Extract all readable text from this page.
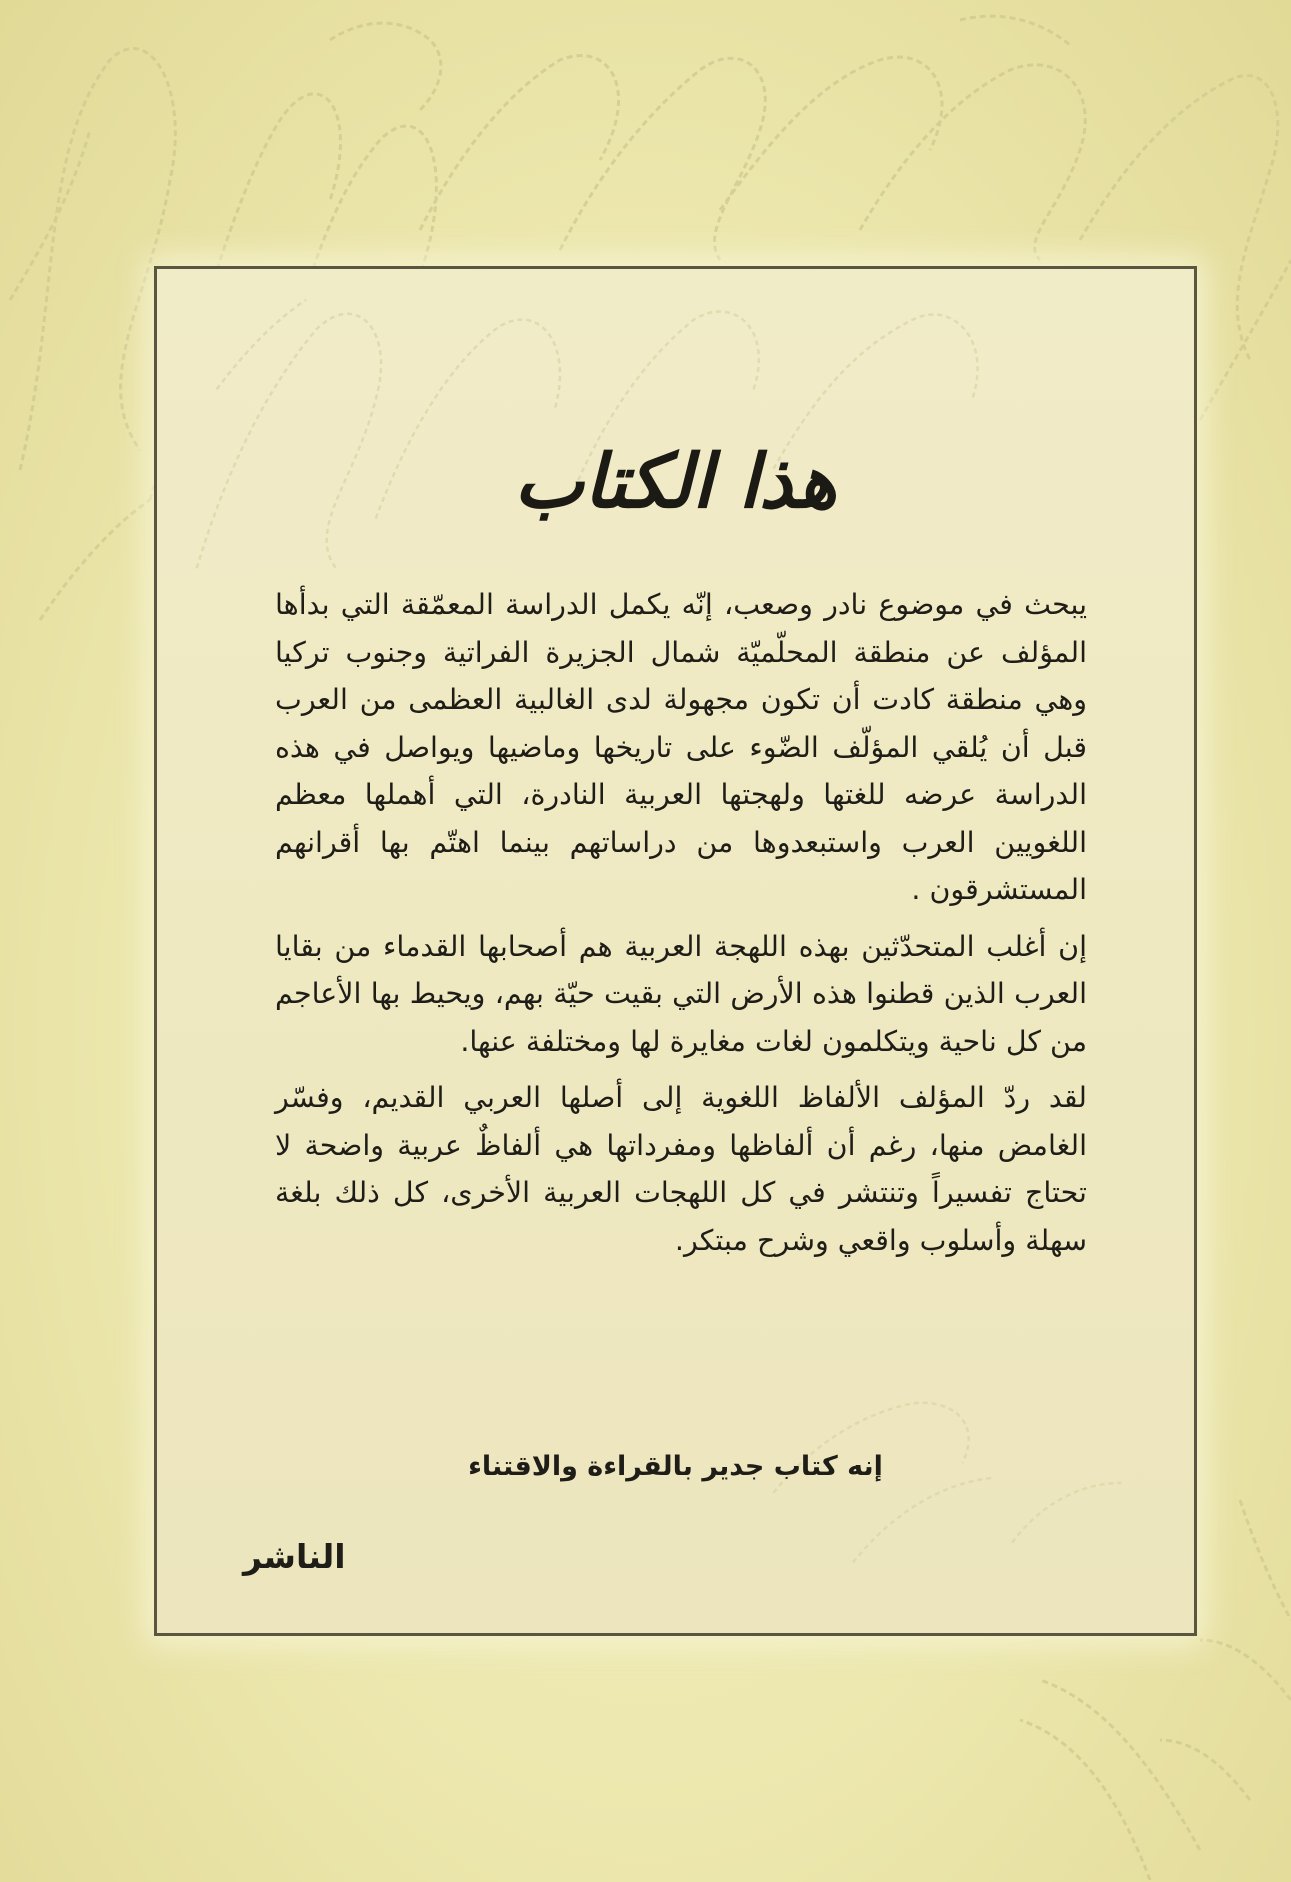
هذا الكتاب

يبحث في موضوع نادر وصعب، إنّه يكمل الدراسة المعمّقة التي بدأها المؤلف عن منطقة المحلّميّة شمال الجزيرة الفراتية وجنوب تركيا وهي منطقة كادت أن تكون مجهولة لدى الغالبية العظمى من العرب قبل أن يُلقي المؤلّف الضّوء على تاريخها وماضيها ويواصل في هذه الدراسة عرضه للغتها ولهجتها العربية النادرة، التي أهملها معظم اللغويين العرب واستبعدوها من دراساتهم بينما اهتّم بها أقرانهم المستشرقون .

إن أغلب المتحدّثين بهذه اللهجة العربية هم أصحابها القدماء من بقايا العرب الذين قطنوا هذه الأرض التي بقيت حيّة بهم، ويحيط بها الأعاجم من كل ناحية ويتكلمون لغات مغايرة لها ومختلفة عنها.

لقد ردّ المؤلف الألفاظ اللغوية إلى أصلها العربي القديم، وفسّر الغامض منها، رغم أن ألفاظها ومفرداتها هي ألفاظٌ عربية واضحة لا تحتاج تفسيراً وتنتشر في كل اللهجات العربية الأخرى، كل ذلك بلغة سهلة وأسلوب واقعي وشرح مبتكر.

إنه كتاب جدير بالقراءة والاقتناء
الناشر
